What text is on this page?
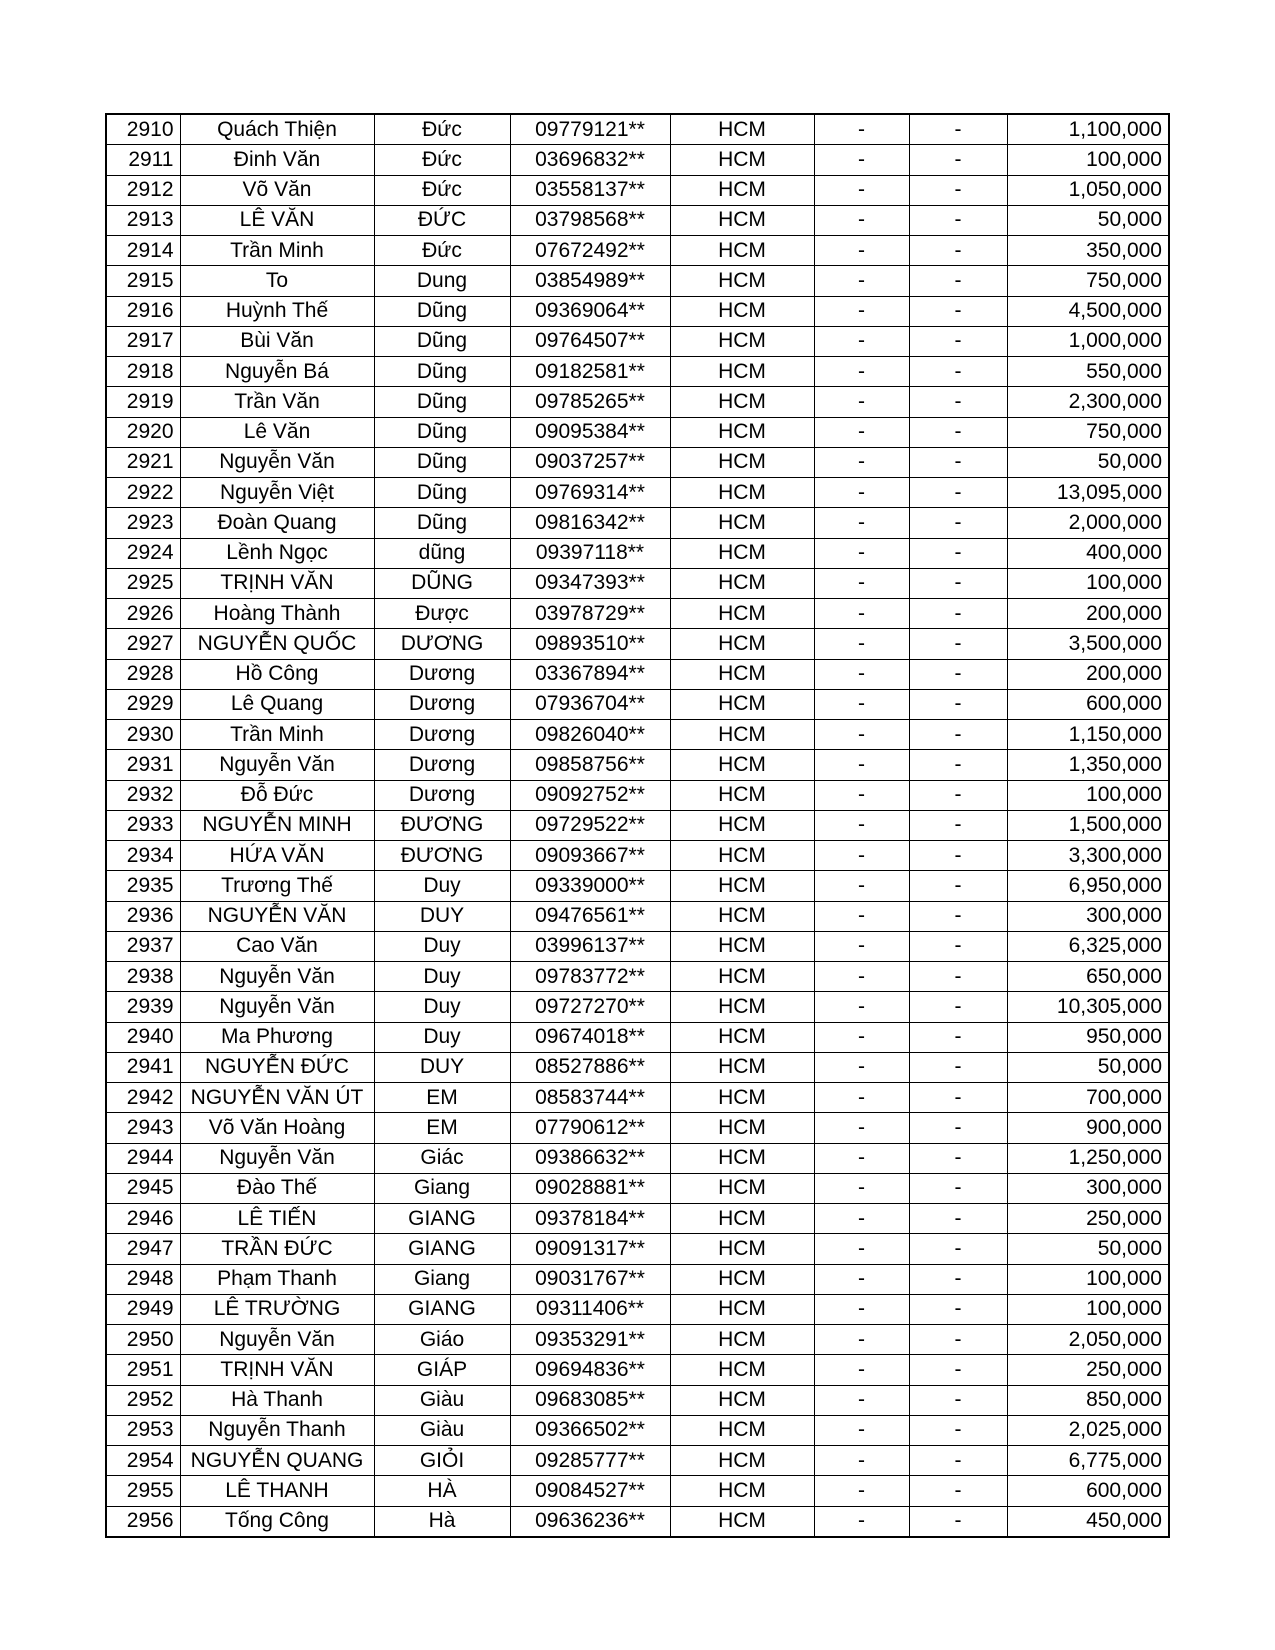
2910	Quách Thiện	Đức	09779121**	HCM	-	-	1,100,000
2911	Đinh Văn	Đức	03696832**	HCM	-	-	100,000
2912	Võ Văn	Đức	03558137**	HCM	-	-	1,050,000
2913	LÊ VĂN	ĐỨC	03798568**	HCM	-	-	50,000
2914	Trần Minh	Đức	07672492**	HCM	-	-	350,000
2915	To	Dung	03854989**	HCM	-	-	750,000
2916	Huỳnh Thế	Dũng	09369064**	HCM	-	-	4,500,000
2917	Bùi Văn	Dũng	09764507**	HCM	-	-	1,000,000
2918	Nguyễn Bá	Dũng	09182581**	HCM	-	-	550,000
2919	Trần Văn	Dũng	09785265**	HCM	-	-	2,300,000
2920	Lê Văn	Dũng	09095384**	HCM	-	-	750,000
2921	Nguyễn Văn	Dũng	09037257**	HCM	-	-	50,000
2922	Nguyễn Việt	Dũng	09769314**	HCM	-	-	13,095,000
2923	Đoàn Quang	Dũng	09816342**	HCM	-	-	2,000,000
2924	Lềnh Ngọc	dũng	09397118**	HCM	-	-	400,000
2925	TRỊNH VĂN	DŨNG	09347393**	HCM	-	-	100,000
2926	Hoàng Thành	Được	03978729**	HCM	-	-	200,000
2927	NGUYỄN QUỐC	DƯƠNG	09893510**	HCM	-	-	3,500,000
2928	Hồ Công	Dương	03367894**	HCM	-	-	200,000
2929	Lê Quang	Dương	07936704**	HCM	-	-	600,000
2930	Trần Minh	Dương	09826040**	HCM	-	-	1,150,000
2931	Nguyễn Văn	Dương	09858756**	HCM	-	-	1,350,000
2932	Đỗ Đức	Dương	09092752**	HCM	-	-	100,000
2933	NGUYỄN MINH	ĐƯƠNG	09729522**	HCM	-	-	1,500,000
2934	HỨA VĂN	ĐƯƠNG	09093667**	HCM	-	-	3,300,000
2935	Trương Thế	Duy	09339000**	HCM	-	-	6,950,000
2936	NGUYỄN VĂN	DUY	09476561**	HCM	-	-	300,000
2937	Cao Văn	Duy	03996137**	HCM	-	-	6,325,000
2938	Nguyễn Văn	Duy	09783772**	HCM	-	-	650,000
2939	Nguyễn Văn	Duy	09727270**	HCM	-	-	10,305,000
2940	Ma Phương	Duy	09674018**	HCM	-	-	950,000
2941	NGUYỄN ĐỨC	DUY	08527886**	HCM	-	-	50,000
2942	NGUYỄN VĂN ÚT	EM	08583744**	HCM	-	-	700,000
2943	Võ Văn Hoàng	EM	07790612**	HCM	-	-	900,000
2944	Nguyễn Văn	Giác	09386632**	HCM	-	-	1,250,000
2945	Đào Thế	Giang	09028881**	HCM	-	-	300,000
2946	LÊ TIẾN	GIANG	09378184**	HCM	-	-	250,000
2947	TRẦN ĐỨC	GIANG	09091317**	HCM	-	-	50,000
2948	Phạm Thanh	Giang	09031767**	HCM	-	-	100,000
2949	LÊ TRƯỜNG	GIANG	09311406**	HCM	-	-	100,000
2950	Nguyễn Văn	Giáo	09353291**	HCM	-	-	2,050,000
2951	TRỊNH VĂN	GIÁP	09694836**	HCM	-	-	250,000
2952	Hà Thanh	Giàu	09683085**	HCM	-	-	850,000
2953	Nguyễn Thanh	Giàu	09366502**	HCM	-	-	2,025,000
2954	NGUYỄN QUANG	GIỎI	09285777**	HCM	-	-	6,775,000
2955	LÊ THANH	HÀ	09084527**	HCM	-	-	600,000
2956	Tống Công	Hà	09636236**	HCM	-	-	450,000
